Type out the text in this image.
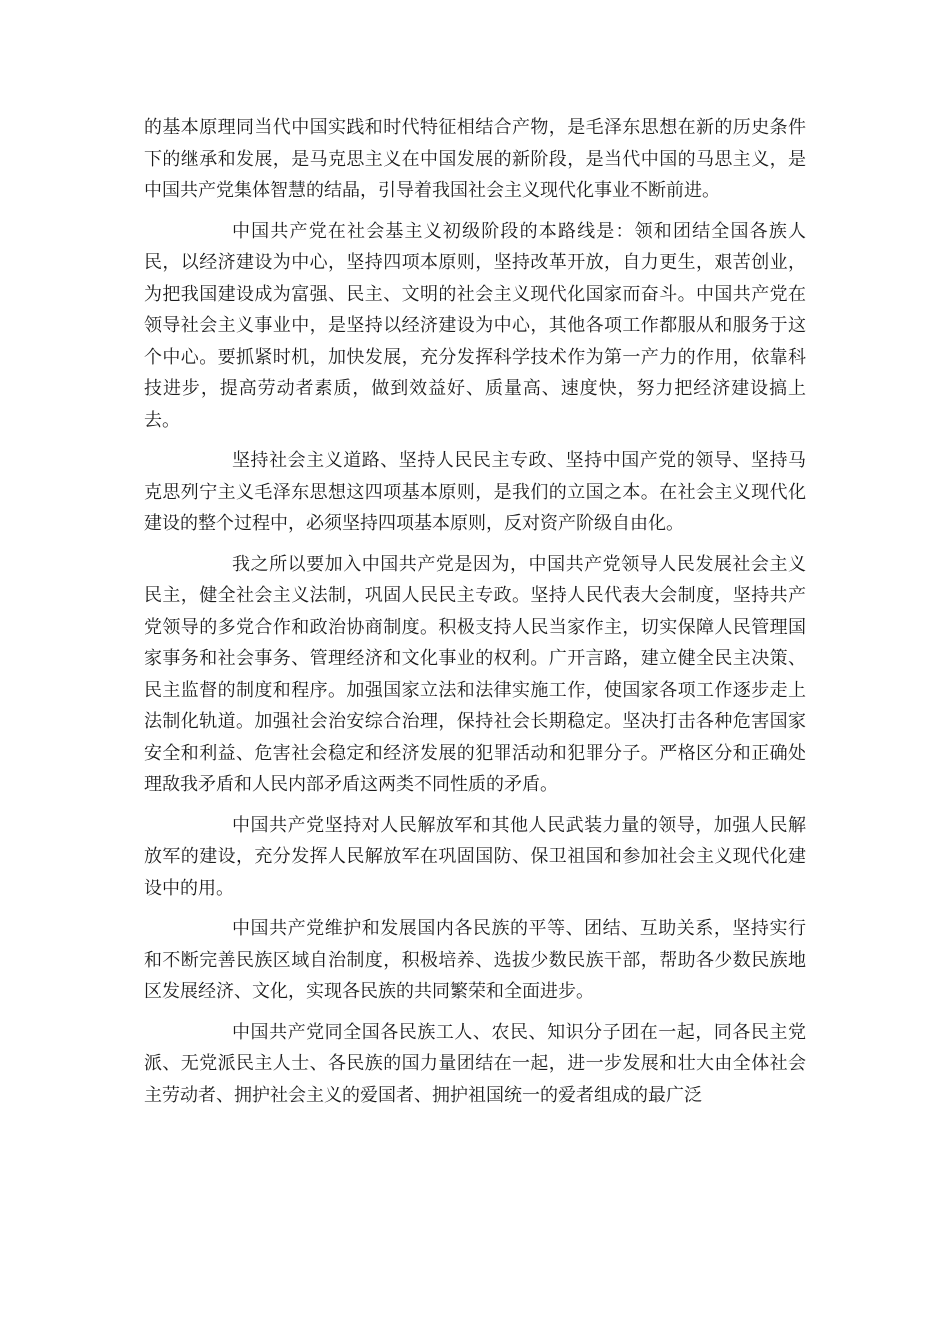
的基本原理同当代中国实践和时代特征相结合产物，是毛泽东思想在新的历史条件下的继承和发展，是马克思主义在中国发展的新阶段，是当代中国的马思主义，是中国共产党集体智慧的结晶，引导着我国社会主义现代化事业不断前进。

中国共产党在社会基主义初级阶段的本路线是：领和团结全国各族人民，以经济建设为中心，坚持四项本原则，坚持改革开放，自力更生，艰苦创业，为把我国建设成为富强、民主、文明的社会主义现代化国家而奋斗。中国共产党在领导社会主义事业中，是坚持以经济建设为中心，其他各项工作都服从和服务于这个中心。要抓紧时机，加快发展，充分发挥科学技术作为第一产力的作用，依靠科技进步，提高劳动者素质，做到效益好、质量高、速度快，努力把经济建设搞上去。

坚持社会主义道路、坚持人民民主专政、坚持中国产党的领导、坚持马克思列宁主义毛泽东思想这四项基本原则，是我们的立国之本。在社会主义现代化建设的整个过程中，必须坚持四项基本原则，反对资产阶级自由化。

我之所以要加入中国共产党是因为，中国共产党领导人民发展社会主义民主，健全社会主义法制，巩固人民民主专政。坚持人民代表大会制度，坚持共产党领导的多党合作和政治协商制度。积极支持人民当家作主，切实保障人民管理国家事务和社会事务、管理经济和文化事业的权利。广开言路，建立健全民主决策、民主监督的制度和程序。加强国家立法和法律实施工作，使国家各项工作逐步走上法制化轨道。加强社会治安综合治理，保持社会长期稳定。坚决打击各种危害国家安全和利益、危害社会稳定和经济发展的犯罪活动和犯罪分子。严格区分和正确处理敌我矛盾和人民内部矛盾这两类不同性质的矛盾。

中国共产党坚持对人民解放军和其他人民武装力量的领导，加强人民解放军的建设，充分发挥人民解放军在巩固国防、保卫祖国和参加社会主义现代化建设中的用。

中国共产党维护和发展国内各民族的平等、团结、互助关系，坚持实行和不断完善民族区域自治制度，积极培养、选拔少数民族干部，帮助各少数民族地区发展经济、文化，实现各民族的共同繁荣和全面进步。

中国共产党同全国各民族工人、农民、知识分子团在一起，同各民主党派、无党派民主人士、各民族的国力量团结在一起，进一步发展和壮大由全体社会主劳动者、拥护社会主义的爱国者、拥护祖国统一的爱者组成的最广泛
